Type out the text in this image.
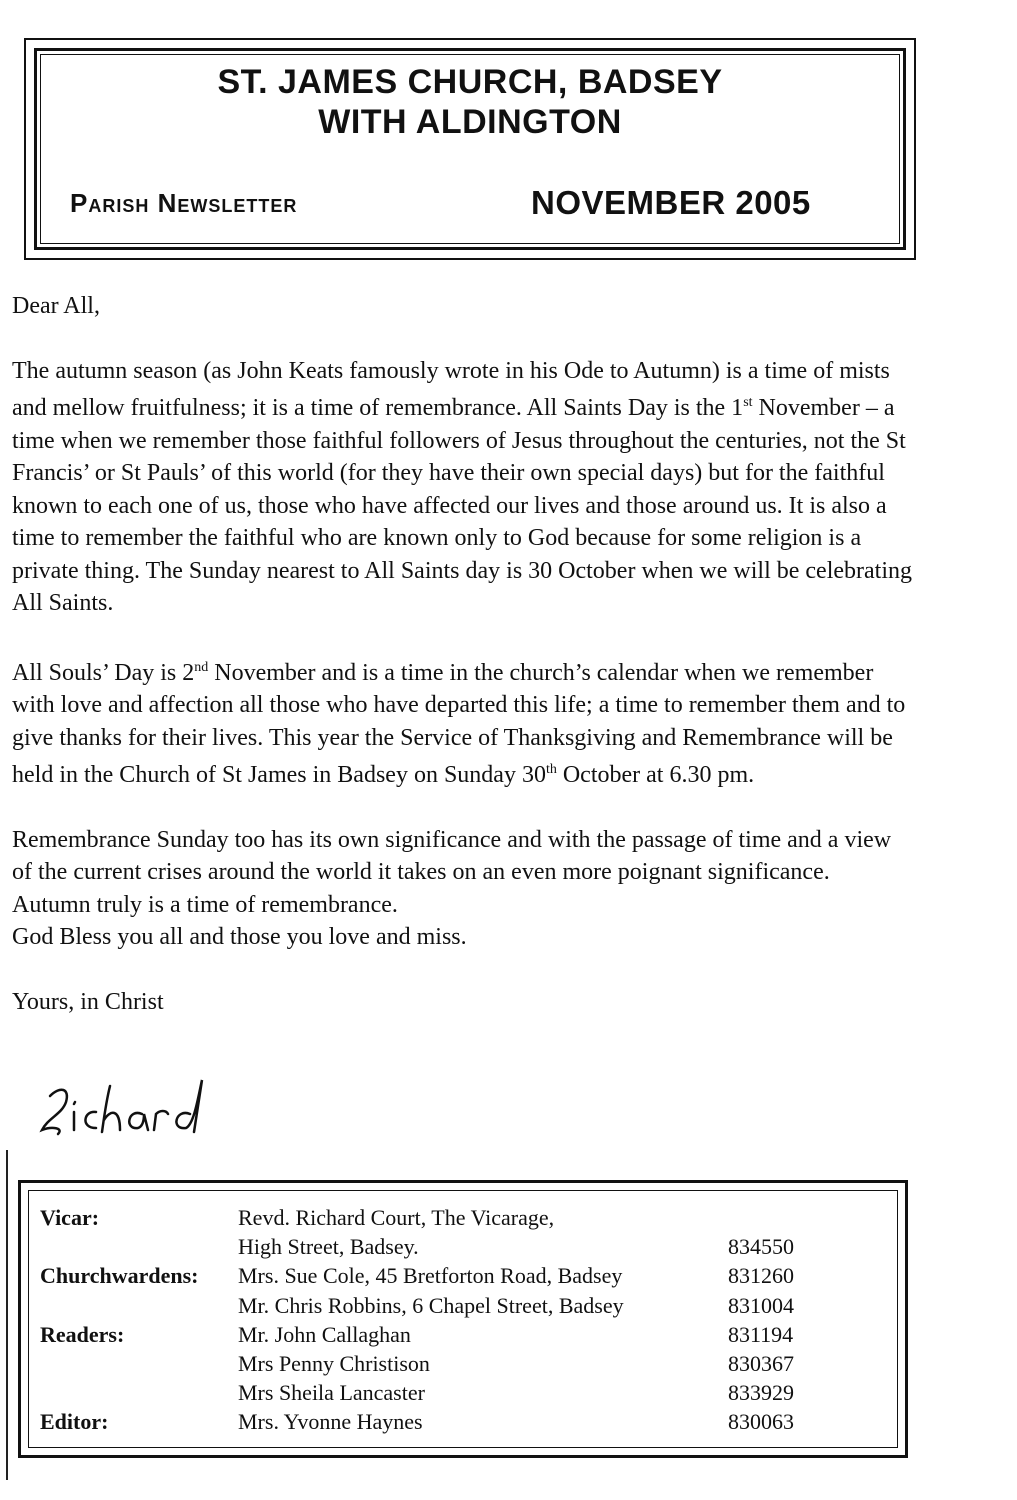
ST. JAMES CHURCH, BADSEY WITH ALDINGTON
Parish Newsletter	NOVEMBER 2005

Dear All,

The autumn season (as John Keats famously wrote in his Ode to Autumn) is a time of mists and mellow fruitfulness; it is a time of remembrance. All Saints Day is the 1st November – a time when we remember those faithful followers of Jesus throughout the centuries, not the St Francis’ or St Pauls’ of this world (for they have their own special days) but for the faithful known to each one of us, those who have affected our lives and those around us. It is also a time to remember the faithful who are known only to God because for some religion is a private thing. The Sunday nearest to All Saints day is 30 October when we will be celebrating All Saints.

All Souls’ Day is 2nd November and is a time in the church’s calendar when we remember with love and affection all those who have departed this life; a time to remember them and to give thanks for their lives. This year the Service of Thanksgiving and Remembrance will be held in the Church of St James in Badsey on Sunday 30th October at 6.30 pm.

Remembrance Sunday too has its own significance and with the passage of time and a view of the current crises around the world it takes on an even more poignant significance. Autumn truly is a time of remembrance.

God Bless you all and those you love and miss.

Yours, in Christ

Vicar:	Revd. Richard Court, The Vicarage,	
	High Street, Badsey.	834550
Churchwardens:	Mrs. Sue Cole, 45 Bretforton Road, Badsey	831260
	Mr. Chris Robbins, 6 Chapel Street, Badsey	831004
Readers:	Mr. John Callaghan	831194
	Mrs Penny Christison	830367
	Mrs Sheila Lancaster	833929
Editor:	Mrs. Yvonne Haynes	830063
